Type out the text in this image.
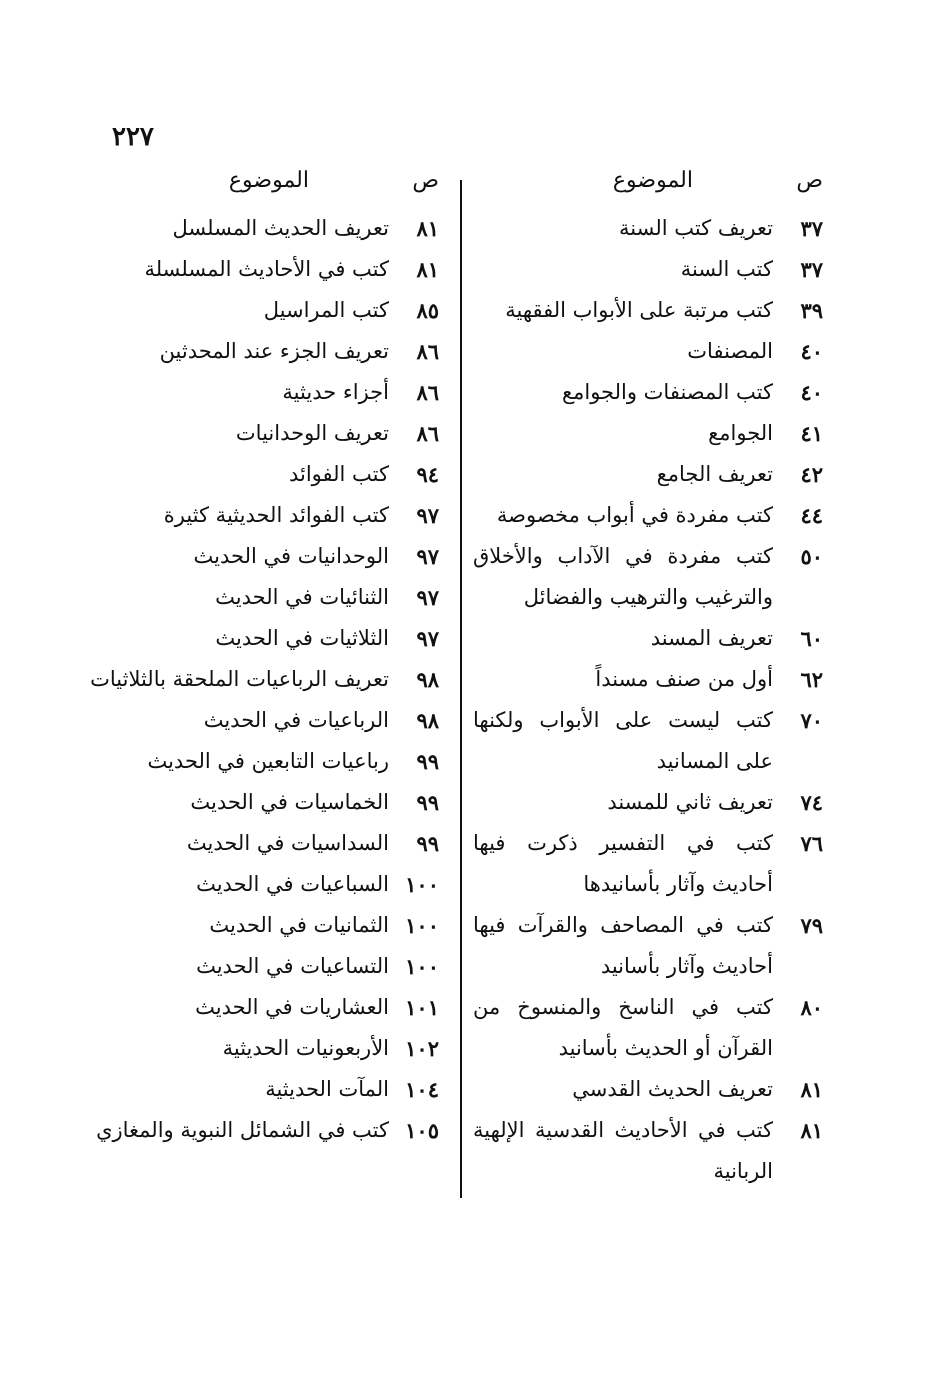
٢٢٧
ص
الموضوع
٣٧
تعريف كتب السنة
٣٧
كتب السنة
٣٩
كتب مرتبة على الأبواب الفقهية
٤٠
المصنفات
٤٠
كتب المصنفات والجوامع
٤١
الجوامع
٤٢
تعريف الجامع
٤٤
كتب مفردة في أبواب مخصوصة
٥٠
كتب مفردة في الآداب والأخلاق والترغيب والترهيب والفضائل
٦٠
تعريف المسند
٦٢
أول من صنف مسنداً
٧٠
كتب ليست على الأبواب ولكنها على المسانيد
٧٤
تعريف ثاني للمسند
٧٦
كتب في التفسير ذكرت فيها أحاديث وآثار بأسانيدها
٧٩
كتب في المصاحف والقرآت فيها أحاديث وآثار بأسانيد
٨٠
كتب في الناسخ والمنسوخ من القرآن أو الحديث بأسانيد
٨١
تعريف الحديث القدسي
٨١
كتب في الأحاديث القدسية الإلهية الربانية
ص
الموضوع
٨١
تعريف الحديث المسلسل
٨١
كتب في الأحاديث المسلسلة
٨٥
كتب المراسيل
٨٦
تعريف الجزء عند المحدثين
٨٦
أجزاء حديثية
٨٦
تعريف الوحدانيات
٩٤
كتب الفوائد
٩٧
كتب الفوائد الحديثية كثيرة
٩٧
الوحدانيات في الحديث
٩٧
الثنائيات في الحديث
٩٧
الثلاثيات في الحديث
٩٨
تعريف الرباعيات الملحقة بالثلاثيات
٩٨
الرباعيات في الحديث
٩٩
رباعيات التابعين في الحديث
٩٩
الخماسيات في الحديث
٩٩
السداسيات في الحديث
١٠٠
السباعيات في الحديث
١٠٠
الثمانيات في الحديث
١٠٠
التساعيات في الحديث
١٠١
العشاريات في الحديث
١٠٢
الأربعونيات الحديثية
١٠٤
المآت الحديثية
١٠٥
كتب في الشمائل النبوية والمغازي
